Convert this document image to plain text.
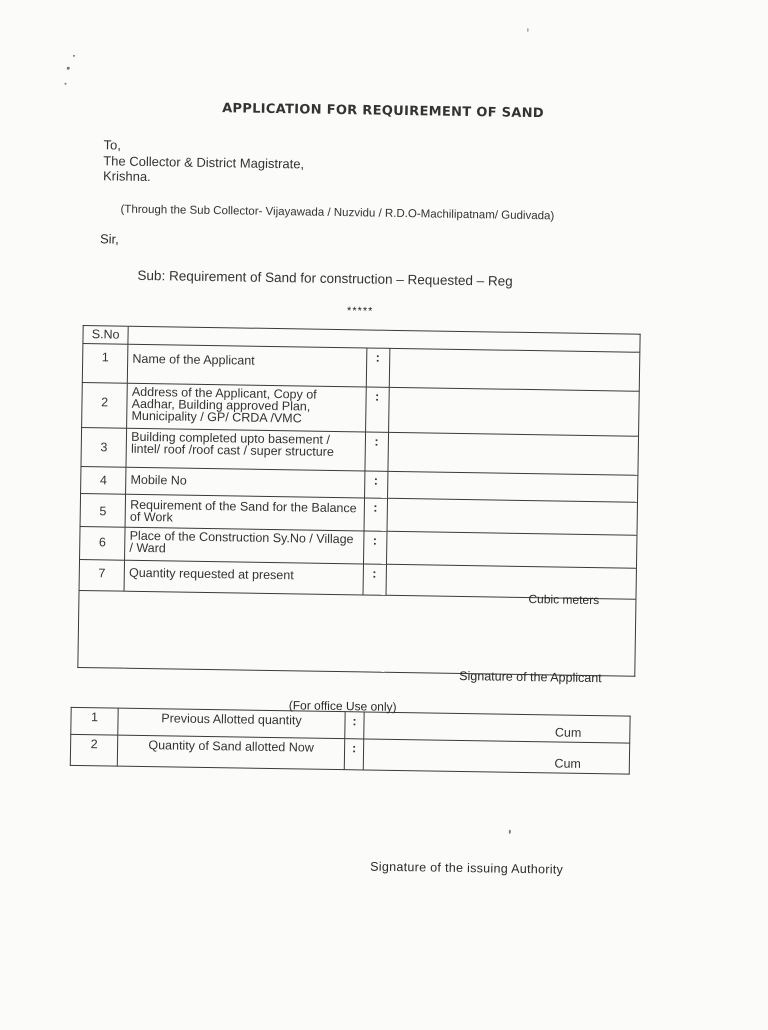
APPLICATION FOR REQUIREMENT OF SAND
To,
The Collector & District Magistrate,
Krishna.
(Through the Sub Collector- Vijayawada / Nuzvidu / R.D.O-Machilipatnam/ Gudivada)
Sir,
Sub: Requirement of Sand for construction – Requested – Reg
*****
S.No			
1	Name of the Applicant	:	
2	Address of the Applicant, Copy of Aadhar, Building approved Plan, Municipality / GP/ CRDA /VMC	:	
3	Building completed upto basement / lintel/ roof /roof cast / super structure	:	
4	Mobile No	:	
5	Requirement of the Sand for the Balance of Work	:	
6	Place of the Construction Sy.No / Village / Ward	:	
7	Quantity requested at present	:	

Cubic meters
Signature of the Applicant
(For office Use only)
1	Previous Allotted quantity	:	Cum
2	Quantity of Sand allotted Now	:	Cum
Signature of the issuing Authority
